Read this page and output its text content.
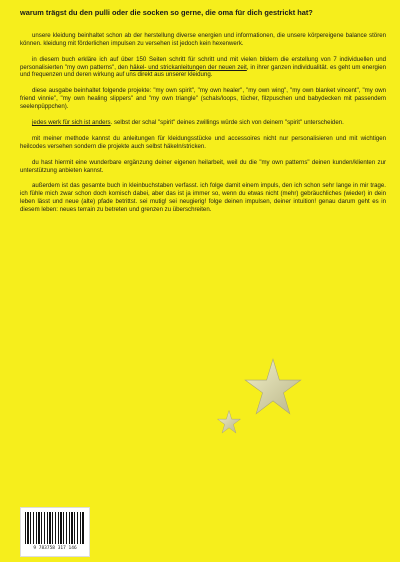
warum trägst du den pulli oder die socken so gerne, die oma für dich gestrickt hat?

unsere kleidung beinhaltet schon ab der herstellung diverse energien und informationen, die unsere körpereigene balance stören können. kleidung mit förderlichen impulsen zu versehen ist jedoch kein hexenwerk.

in diesem buch erkläre ich auf über 150 Seiten schritt für schritt und mit vielen bildern die erstellung von 7 individuellen und personalisierten "my own patterns", den häkel- und strickanleitungen der neuen zeit, in ihrer ganzen individualität. es geht um energien und frequenzen und deren wirkung auf uns direkt aus unserer kleidung.

diese ausgabe beinhaltet folgende projekte: "my own spirit", "my own healer", "my own wing", "my own blanket vincent", "my own friend vinnie", "my own healing slippers" and "my own triangle" (schals/loops, tücher, filzpuschen und babydecken mit passendem seelenpüppchen).

jedes werk für sich ist anders. selbst der schal "spirit" deines zwillings würde sich von deinem "spirit" unterscheiden.

mit meiner methode kannst du anleitungen für kleidungsstücke und accessoires nicht nur personalisieren und mit wichtigen heilcodes versehen sondern die projekte auch selbst häkeln/stricken.

du hast hiermit eine wunderbare ergänzung deiner eigenen heilarbeit, weil du die "my own patterns" deinen kunden/klienten zur unterstützung anbieten kannst.

außerdem ist das gesamte buch in kleinbuchstaben verfasst. ich folge damit einem impuls, den ich schon sehr lange in mir trage. ich fühle mich zwar schon doch komisch dabei, aber das ist ja immer so, wenn du etwas nicht (mehr) gebräuchliches (wieder) in dein leben lässt und neue (alte) pfade betrittst. sei mutig! sei neugierig! folge deinen impulsen, deiner intuition! genau darum geht es in diesem leben: neues terrain zu betreten und grenzen zu überschreiten.

9 783758 317 146
